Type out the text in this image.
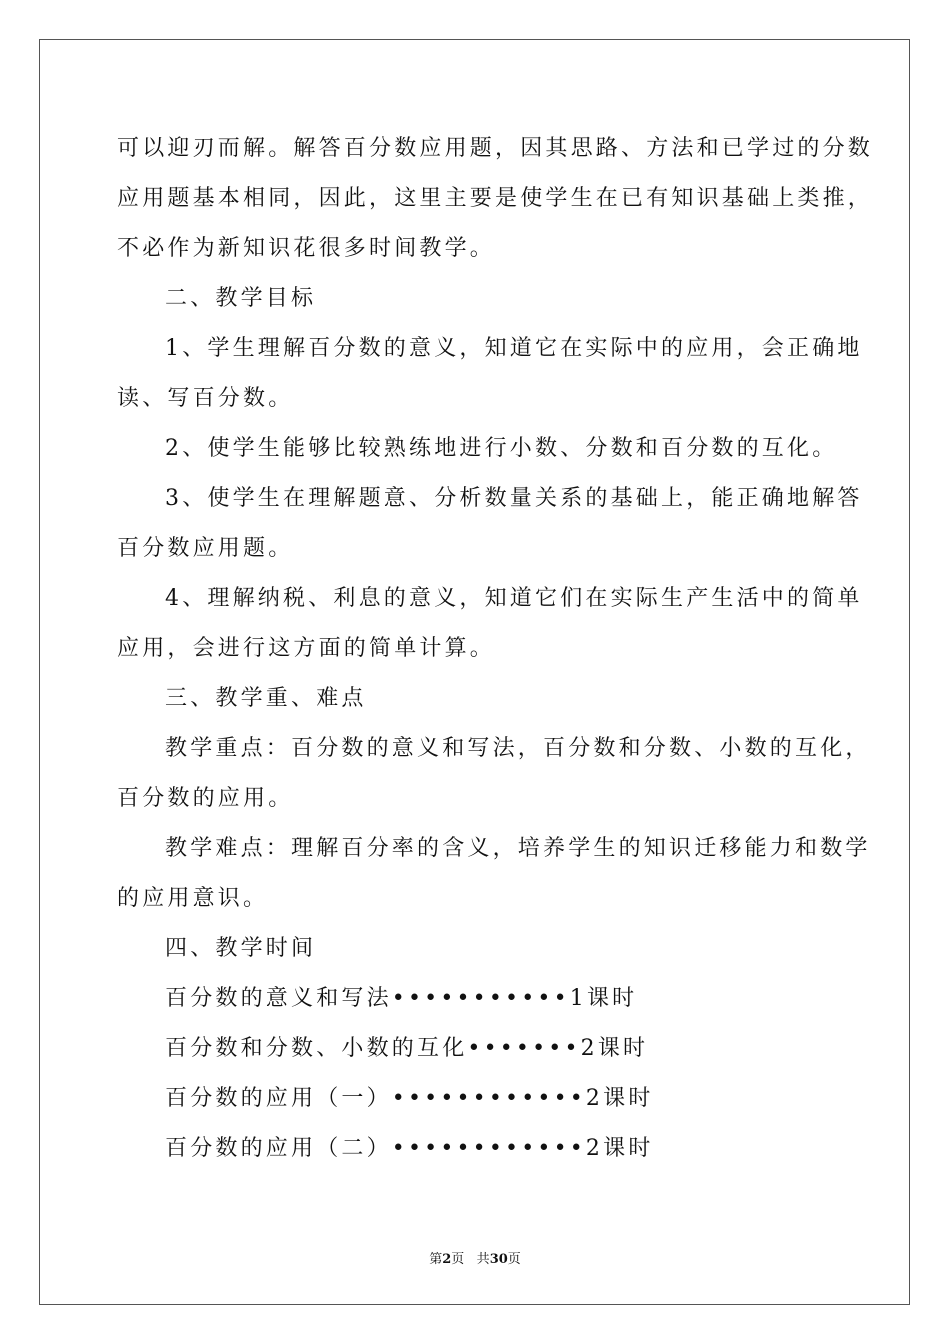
可以迎刃而解。解答百分数应用题，因其思路、方法和已学过的分数
应用题基本相同，因此，这里主要是使学生在已有知识基础上类推，
不必作为新知识花很多时间教学。
二、教学目标
1、学生理解百分数的意义，知道它在实际中的应用，会正确地
读、写百分数。
2、使学生能够比较熟练地进行小数、分数和百分数的互化。
3、使学生在理解题意、分析数量关系的基础上，能正确地解答
百分数应用题。
4、理解纳税、利息的意义，知道它们在实际生产生活中的简单
应用，会进行这方面的简单计算。
三、教学重、难点
教学重点：百分数的意义和写法，百分数和分数、小数的互化，
百分数的应用。
教学难点：理解百分率的含义，培养学生的知识迁移能力和数学
的应用意识。
四、教学时间
百分数的意义和写法•••••••••••1课时
百分数和分数、小数的互化•••••••2课时
百分数的应用（一）••••••••••••2课时
百分数的应用（二）••••••••••••2课时
第2页 共30页
